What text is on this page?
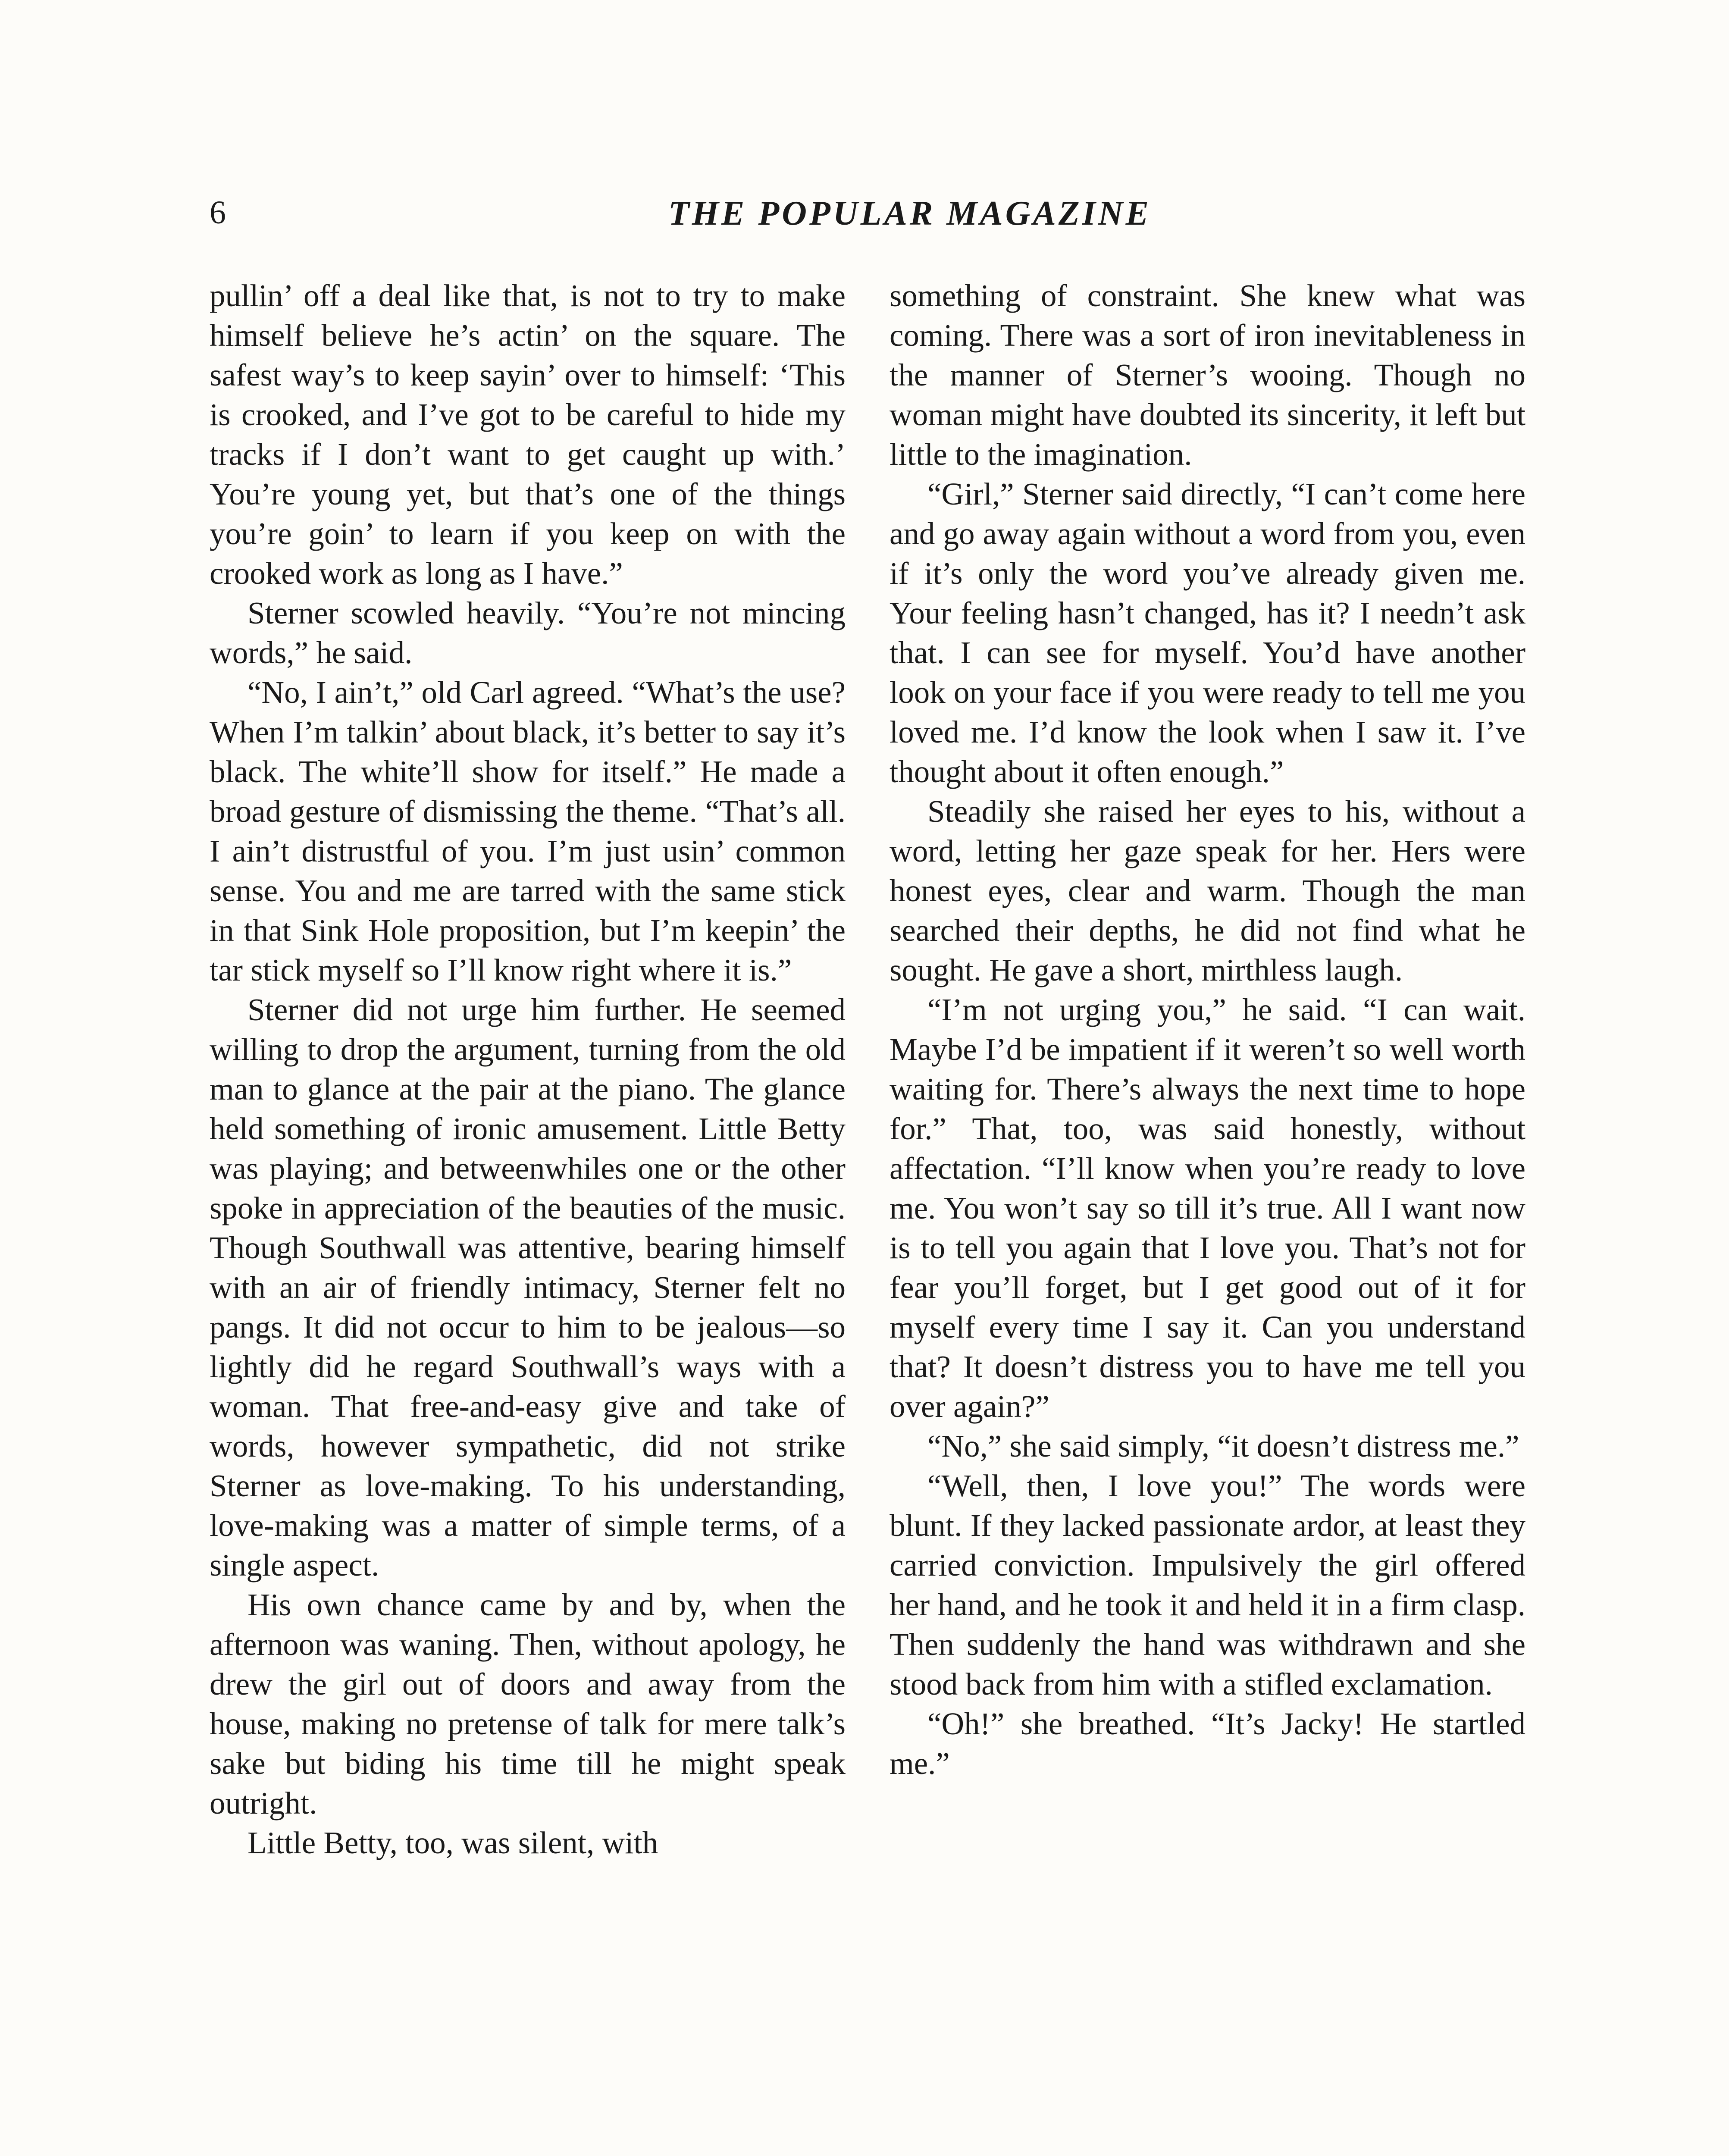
6	THE POPULAR MAGAZINE

pullin’ off a deal like that, is not to try to make himself believe he’s actin’ on the square. The safest way’s to keep sayin’ over to himself: ‘This is crooked, and I’ve got to be careful to hide my tracks if I don’t want to get caught up with.’ You’re young yet, but that’s one of the things you’re goin’ to learn if you keep on with the crooked work as long as I have.”

Sterner scowled heavily. “You’re not mincing words,” he said.

“No, I ain’t,” old Carl agreed. “What’s the use? When I’m talkin’ about black, it’s better to say it’s black. The white’ll show for itself.” He made a broad gesture of dismissing the theme. “That’s all. I ain’t distrustful of you. I’m just usin’ common sense. You and me are tarred with the same stick in that Sink Hole proposition, but I’m keepin’ the tar stick myself so I’ll know right where it is.”

Sterner did not urge him further. He seemed willing to drop the argument, turning from the old man to glance at the pair at the piano. The glance held something of ironic amusement. Little Betty was playing; and betweenwhiles one or the other spoke in appreciation of the beauties of the music. Though Southwall was attentive, bearing himself with an air of friendly intimacy, Sterner felt no pangs. It did not occur to him to be jealous—so lightly did he regard Southwall’s ways with a woman. That free-and-easy give and take of words, however sympathetic, did not strike Sterner as love-making. To his understanding, love-making was a matter of simple terms, of a single aspect.

His own chance came by and by, when the afternoon was waning. Then, without apology, he drew the girl out of doors and away from the house, making no pretense of talk for mere talk’s sake but biding his time till he might speak outright.

Little Betty, too, was silent, with

something of constraint. She knew what was coming. There was a sort of iron inevitableness in the manner of Sterner’s wooing. Though no woman might have doubted its sincerity, it left but little to the imagination.

“Girl,” Sterner said directly, “I can’t come here and go away again without a word from you, even if it’s only the word you’ve already given me. Your feeling hasn’t changed, has it? I needn’t ask that. I can see for myself. You’d have another look on your face if you were ready to tell me you loved me. I’d know the look when I saw it. I’ve thought about it often enough.”

Steadily she raised her eyes to his, without a word, letting her gaze speak for her. Hers were honest eyes, clear and warm. Though the man searched their depths, he did not find what he sought. He gave a short, mirthless laugh.

“I’m not urging you,” he said. “I can wait. Maybe I’d be impatient if it weren’t so well worth waiting for. There’s always the next time to hope for.” That, too, was said honestly, without affectation. “I’ll know when you’re ready to love me. You won’t say so till it’s true. All I want now is to tell you again that I love you. That’s not for fear you’ll forget, but I get good out of it for myself every time I say it. Can you understand that? It doesn’t distress you to have me tell you over again?”

“No,” she said simply, “it doesn’t distress me.”

“Well, then, I love you!” The words were blunt. If they lacked passionate ardor, at least they carried conviction. Impulsively the girl offered her hand, and he took it and held it in a firm clasp. Then suddenly the hand was withdrawn and she stood back from him with a stifled exclamation.

“Oh!” she breathed. “It’s Jacky! He startled me.”
